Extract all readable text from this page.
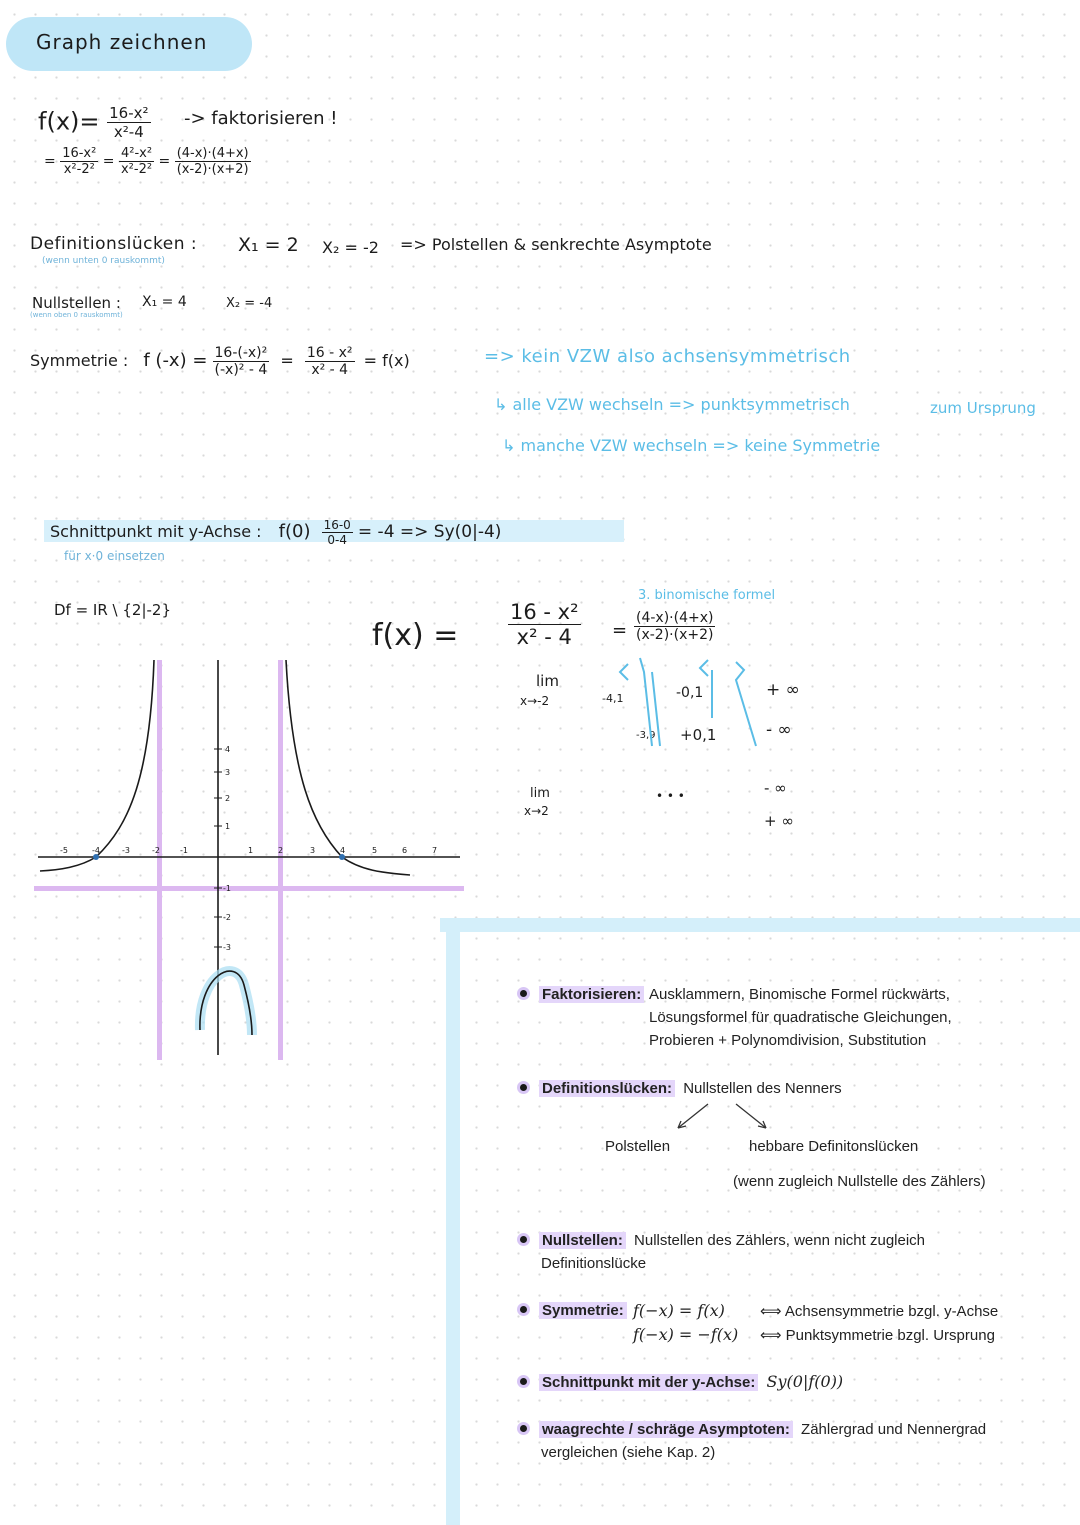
Graph zeichnen
$f(x)= \frac{\text{16-x²}}{\text{x²-4}}$ -> faktorisieren !
= $\frac{\text{16-x²}}{\text{x²-2²}} = \frac{\text{4²-x²}}{\text{x²-2²}} = \frac{(4-x)\cdot(4+x)}{(x-2)\cdot(x+2)}$
Definitionslücken :
(wenn unten 0 rauskommt)
X₁ = 2 X₂ = -2 => Polstellen & senkrechte Asymptote
Nullstellen :
(wenn oben 0 rauskommt)
X₁ = 4	X₂ = -4
Symmetrie : f $(-x) = \frac{\text{16-(-x)²}}{\text{(-x)² - 4}} = \frac{\text{16 - x²}}{\text{x² - 4}} = f(x)$	=> kein VZW also achsensymmetrisch
↳ alle VZW wechseln => punktsymmetrisch	zum Ursprung
↳ manche VZW wechseln => keine Symmetrie
Schnittpunkt mit y-Achse : $f(0) \frac{16-0}{0-4} = -4 => Sy(0|-4)$
für x·0 einsetzen
Df = IR \ {2|-2}
$f(x) = \frac{\text{16 - x²}}{\text{x² - 4}}$ =
3. binomische formel
$\frac{(4-x)\cdot(4+x)}{(x-2)\cdot(x+2)}$
lim
x→-2
lim
x→2
-4,1	-0,1
-3,9 +0,1
+ ∞
- ∞
• • •	- ∞
+ ∞
4
3
2
1
-1
-2
-3
-5	-4	-3	-2	-1	1	2	3	4	5	6	7
Faktorisieren: Ausklammern, Binomische Formel rückwärts,
Lösungsformel für quadratische Gleichungen,
Probieren + Polynomdivision, Substitution
Definitionslücken: Nullstellen des Nenners
Polstellen	hebbare Definitonslücken
(wenn zugleich Nullstelle des Zählers)
Nullstellen: Nullstellen des Zählers, wenn nicht zugleich
Definitionslücke
Symmetrie: f(−x) = f(x) ⟺ Achsensymmetrie bzgl. y-Achse
f(−x) = −f(x) ⟺ Punktsymmetrie bzgl. Ursprung
Schnittpunkt mit der y-Achse: Sy(0|f(0))
waagrechte / schräge Asymptoten: Zählergrad und Nennergrad
vergleichen (siehe Kap. 2)
